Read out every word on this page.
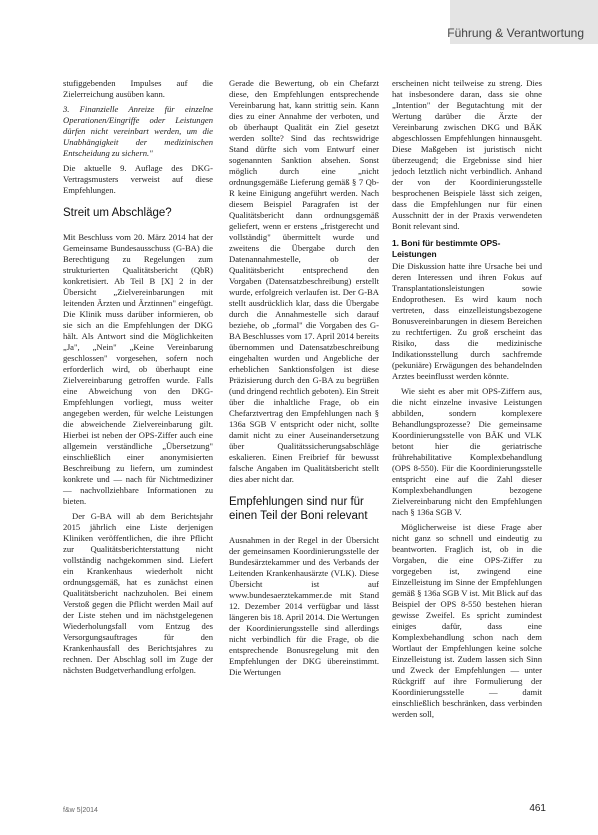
Führung & Verantwortung

stufiggebenden Impulses auf die Zielerreichung ausüben kann.

3. Finanzielle Anreize für einzelne Operationen/Eingriffe oder Leistungen dürfen nicht vereinbart werden, um die Unabhängigkeit der medizinischen Entscheidung zu sichern."

Die aktuelle 9. Auflage des DKG-Vertragsmusters verweist auf diese Empfehlungen.

Streit um Abschläge?

Mit Beschluss vom 20. März 2014 hat der Gemeinsame Bundesausschuss (G-BA) die Berechtigung zu Regelungen zum strukturierten Qualitätsbericht (QbR) konkretisiert. Ab Teil B [X] 2 in der Übersicht „Zielvereinbarungen mit leitenden Ärzten und Ärztinnen" eingefügt. Die Klinik muss darüber informieren, ob sie sich an die Empfehlungen der DKG hält. Als Antwort sind die Möglichkeiten „Ja", „Nein" „Keine Vereinbarung geschlossen" vorgesehen, sofern noch erforderlich wird, ob überhaupt eine Zielvereinbarung getroffen wurde. Falls eine Abweichung von den DKG-Empfehlungen vorliegt, muss weiter angegeben werden, für welche Leistungen die abweichende Zielvereinbarung gilt. Hierbei ist neben der OPS-Ziffer auch eine allgemein verständliche „Übersetzung" einschließlich einer anonymisierten Beschreibung zu liefern, um zumindest konkrete und — nach für Nichtmediziner — nachvollziehbare Informationen zu bieten.

Der G-BA will ab dem Berichtsjahr 2015 jährlich eine Liste derjenigen Kliniken veröffentlichen, die ihre Pflicht zur Qualitätsberichterstattung nicht vollständig nachgekommen sind. Liefert ein Krankenhaus wiederholt nicht ordnungsgemäß, hat es zunächst einen Qualitätsbericht nachzuholen. Bei einem Verstoß gegen die Pflicht werden Mail auf der Liste stehen und im nächstgelegenen Wiederholungsfall vom Entzug des Versorgungsauftrages für den Krankenhausfall des Berichtsjahres zu rechnen. Der Abschlag soll im Zuge der nächsten Budgetverhandlung erfolgen.

Gerade die Bewertung, ob ein Chefarzt diese, den Empfehlungen entsprechende Vereinbarung hat, kann strittig sein. Kann dies zu einer Annahme der verboten, und ob überhaupt Qualität ein Ziel gesetzt werden sollte? Sind das rechtswidrige Stand dürfte sich vom Entwurf einer sogenannten Sanktion absehen. Sonst möglich durch eine „nicht ordnungsgemäße Lieferung gemäß § 7 Qb-R keine Einigung angeführt werden. Nach diesem Beispiel Paragrafen ist der Qualitätsbericht dann ordnungsgemäß geliefert, wenn er erstens „fristgerecht und vollständig" übermittelt wurde und zweitens die Übergabe durch den Datenannahmestelle, ob der Qualitätsbericht entsprechend den Vorgaben (Datensatzbeschreibung) erstellt wurde, erfolgreich verlaufen ist. Der G-BA stellt ausdrücklich klar, dass die Übergabe durch die Annahmestelle sich darauf beziehe, ob „formal" die Vorgaben des G-BA Beschlusses vom 17. April 2014 bereits übernommen und Datensatzbeschreibung eingehalten wurden und Angebliche der erheblichen Sanktionsfolgen ist diese Präzisierung durch den G-BA zu begrüßen (und dringend rechtlich geboten). Ein Streit über die inhaltliche Frage, ob ein Chefarztvertrag den Empfehlungen nach § 136a SGB V entspricht oder nicht, sollte damit nicht zu einer Auseinandersetzung über Qualitätssicherungsabschläge eskalieren. Einen Freibrief für bewusst falsche Angaben im Qualitätsbericht stellt dies aber nicht dar.

Empfehlungen sind nur für einen Teil der Boni relevant

Ausnahmen in der Regel in der Übersicht der gemeinsamen Koordinierungsstelle der Bundesärztekammer und des Verbands der Leitenden Krankenhausärzte (VLK). Diese Übersicht ist auf www.bundesaerztekammer.de mit Stand 12. Dezember 2014 verfügbar und lässt längeren bis 18. April 2014. Die Wertungen der Koordinierungsstelle sind allerdings nicht verbindlich für die Frage, ob die entsprechende Bonusregelung mit den Empfehlungen der DKG übereinstimmt. Die Wertungen

erscheinen nicht teilweise zu streng. Dies hat insbesondere daran, dass sie ohne „Intention" der Begutachtung mit der Wertung darüber die Ärzte der Vereinbarung zwischen DKG und BÄK abgeschlossen Empfehlungen hinnausgeht. Diese Maßgeben ist juristisch nicht überzeugend; die Ergebnisse sind hier jedoch letztlich nicht verbindlich. Anhand der von der Koordinierungsstelle besprochenen Beispiele lässt sich zeigen, dass die Empfehlungen nur für einen Ausschnitt der in der Praxis verwendeten Bonit relevant sind.

1. Boni für bestimmte OPS-Leistungen

Die Diskussion hatte ihre Ursache bei und deren Interessen und ihren Fokus auf Transplantationsleistungen sowie Endoprothesen. Es wird kaum noch vertreten, dass einzelleistungsbezogene Bonusvereinbarungen in diesem Bereichen zu rechtfertigen. Zu groß erscheint das Risiko, dass die medizinische Indikationsstellung durch sachfremde (pekuniäre) Erwägungen des behandelnden Arztes beeinflusst werden könnte.

Wie sieht es aber mit OPS-Ziffern aus, die nicht einzelne invasive Leistungen abbilden, sondern komplexere Behandlungsprozesse? Die gemeinsame Koordinierungsstelle von BÄK und VLK betont hier die geriatrische frührehabilitative Komplexbehandlung (OPS 8-550). Für die Koordinierungsstelle entspricht eine auf die Zahl dieser Komplexbehandlungen bezogene Zielvereinbarung nicht den Empfehlungen nach § 136a SGB V.

Möglicherweise ist diese Frage aber nicht ganz so schnell und eindeutig zu beantworten. Fraglich ist, ob in die Vorgaben, die eine OPS-Ziffer zu vorgegeben ist, zwingend eine Einzelleistung im Sinne der Empfehlungen gemäß § 136a SGB V ist. Mit Blick auf das Beispiel der OPS 8-550 bestehen hieran gewisse Zweifel. Es spricht zumindest einiges dafür, dass eine Komplexbehandlung schon nach dem Wortlaut der Empfehlungen keine solche Einzelleistung ist. Zudem lassen sich Sinn und Zweck der Empfehlungen — unter Rückgriff auf ihre Formulierung der Koordinierungsstelle — damit einschließlich beschränken, dass verbinden werden soll,

f&w 5|2014	461
